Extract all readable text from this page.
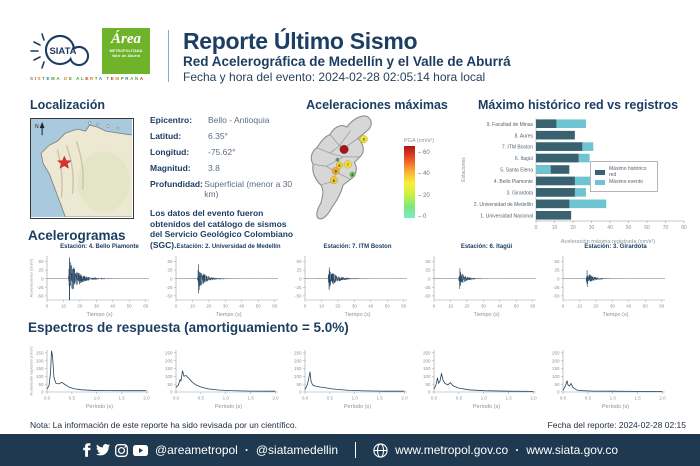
SIATA
Área
METROPOLITANA
Valle de Aburrá
SISTEMA DE ALERTA TEMPRANA
Reporte Último Sismo
Red Acelerográfica de Medellín y el Valle de Aburrá
Fecha y hora del evento: 2024-02-28 02:05:14 hora local
Localización
N
Epicentro:	Bello - Antioquia
Latitud:	6.35°
Longitud:	-75.62°
Magnitud:	3.8
Profundidad: Superficial (menor a 30 km)
Los datos del evento fueron obtenidos del catálogo de sismos del Servicio Geológico Colombiano (SGC).
Aceleraciones máximas
3
5
9 7
8
2
6
PGA (cm/s²)
– 60
– 40
– 20
– 0
Máximo histórico red vs registros
0	10	20	30	40	50	60	70	80
Estaciones
9. Facultad de Minas
8. Aures
7. ITM Boston
6. Itagüí
5. Santa Elena
4. Bello Piamonte
3. Girardota
2. Universidad de Medellín
1. Universidad Nacional
Aceleración máxima registrada (cm/s²)
Máximo histórico red
Máximo evento
Acelerogramas
Estación: 4. Bello Piamonte
0	10	20	30	40	50	60
50
25
0
-25
-50
Aceleraciones (cm/s²)
Tiempo (s)
Estación: 2. Universidad de Medellín
0	10	20	30	40	50	60
50
25
0
-25
-50
Tiempo (s)
Estación: 7. ITM Boston
0	10	20	30	40	50	60
50
25
0
-25
-50
Tiempo (s)
Estación: 6. Itagüí
0	10	20	30	40	50	60
50
25
0
-25
-50
Tiempo (s)
Estación: 3. Girardota
0	10	20	30	40	50	60
50
25
0
-25
-50
Tiempo (s)
Espectros de respuesta (amortiguamiento = 5.0%)
0.0	0.5	1.0	1.5	2.0
0
50
100
150
200
250
Aceleración espectral (cm/s²)
Período (s)
0.0	0.5	1.0	1.5	2.0
0
50
100
150
200
250
Período (s)
0.0	0.5	1.0	1.5	2.0
0
50
100
150
200
250
Período (s)
0.0	0.5	1.0	1.5	2.0
0
50
100
150
200
250
Período (s)
0.0	0.5	1.0	1.5	2.0
0
50
100
150
200
250
Período (s)
Nota: La información de este reporte ha sido revisada por un científico.	Fecha del reporte: 2024-02-28 02:15
@areametropol · @siatamedellin	www.metropol.gov.co · www.siata.gov.co
